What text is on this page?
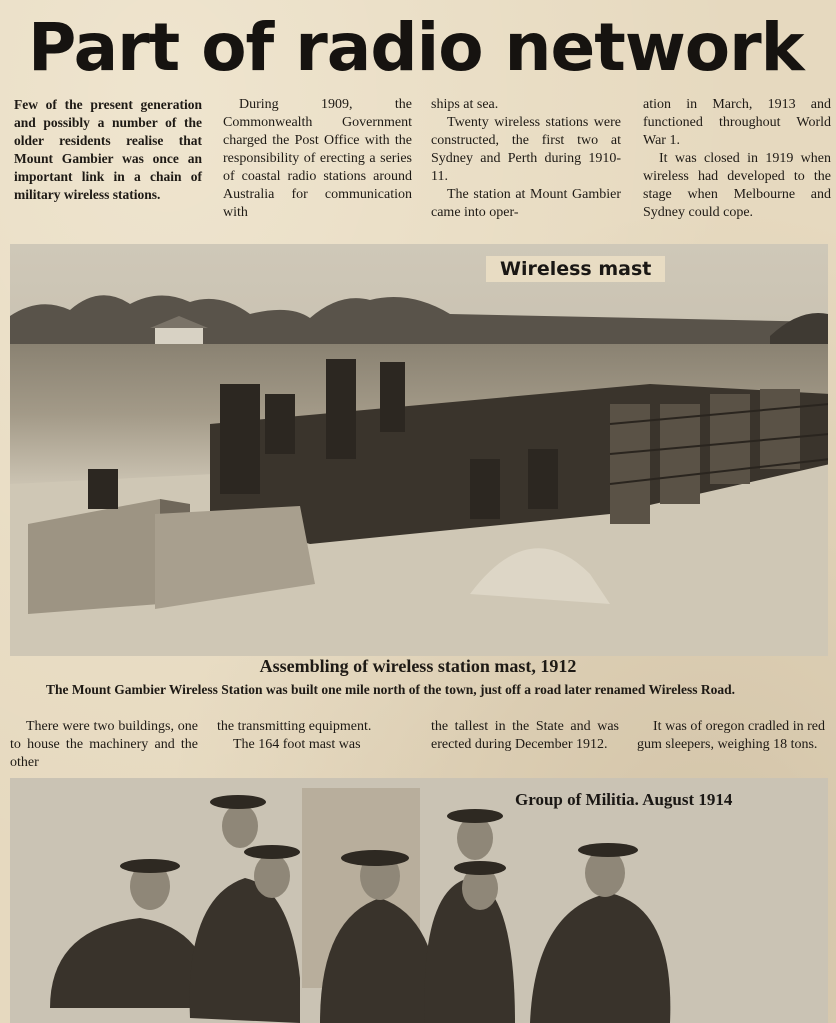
Part of radio network

Few of the present generation and possibly a number of the older residents realise that Mount Gambier was once an important link in a chain of military wireless stations.

During 1909, the Commonwealth Government charged the Post Office with the responsibility of erecting a series of coastal radio stations around Australia for communication with

ships at sea.

Twenty wireless stations were constructed, the first two at Sydney and Perth during 1910-11.

The station at Mount Gambier came into oper-

ation in March, 1913 and functioned throughout World War 1.

It was closed in 1919 when wireless had developed to the stage when Melbourne and Sydney could cope.

Wireless mast
Assembling of wireless station mast, 1912

The Mount Gambier Wireless Station was built one mile north of the town, just off a road later renamed Wireless Road.

There were two buildings, one to house the machinery and the other

the transmitting equipment.

The 164 foot mast was

the tallest in the State and was erected during December 1912.

It was of oregon cradled in red gum sleepers, weighing 18 tons.

Group of Militia. August 1914
